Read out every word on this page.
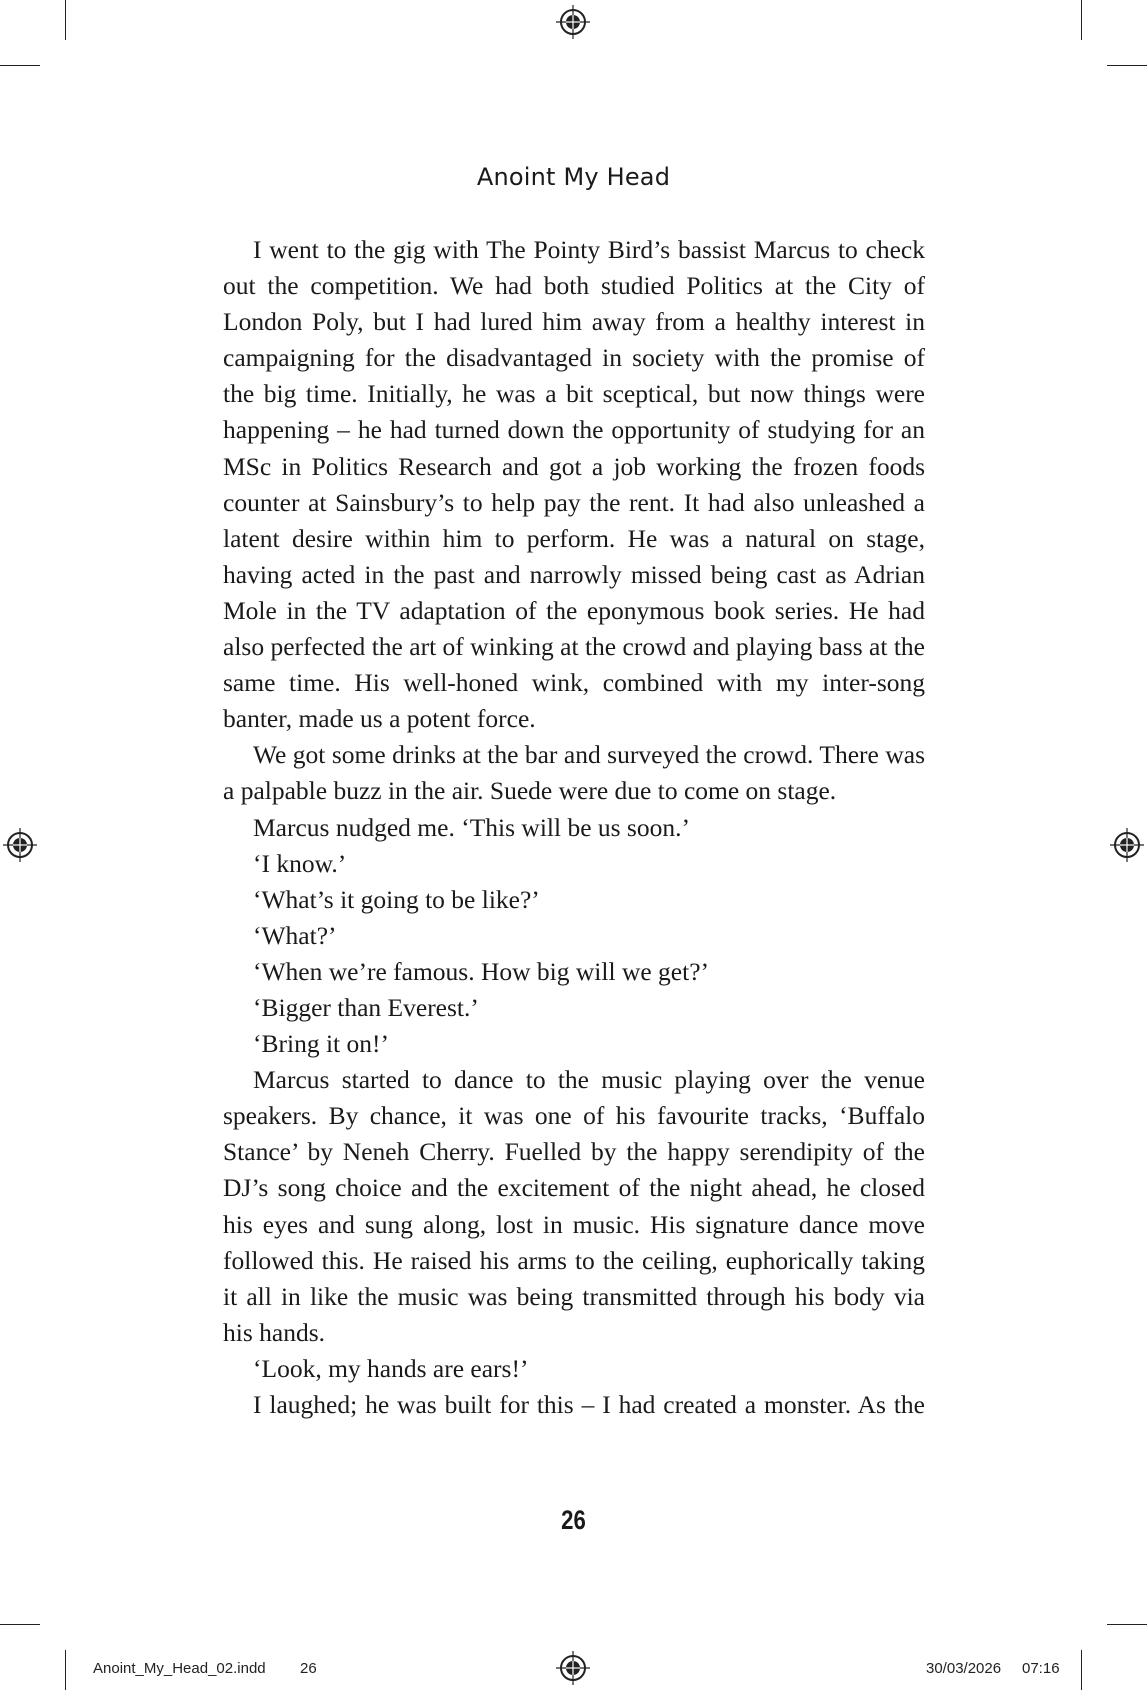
Anoint My Head

I went to the gig with The Pointy Bird’s bassist Marcus to check out the competition. We had both studied Politics at the City of London Poly, but I had lured him away from a healthy interest in campaigning for the disadvantaged in society with the promise of the big time. Initially, he was a bit sceptical, but now things were happening – he had turned down the opportunity of studying for an MSc in Politics Research and got a job working the frozen foods counter at Sainsbury’s to help pay the rent. It had also unleashed a latent desire within him to perform. He was a natural on stage, having acted in the past and narrowly missed being cast as Adrian Mole in the TV adaptation of the eponymous book series. He had also perfected the art of winking at the crowd and playing bass at the same time. His well-honed wink, combined with my inter-song banter, made us a potent force.

We got some drinks at the bar and surveyed the crowd. There was a palpable buzz in the air. Suede were due to come on stage.

Marcus nudged me. ‘This will be us soon.’

‘I know.’

‘What’s it going to be like?’

‘What?’

‘When we’re famous. How big will we get?’

‘Bigger than Everest.’

‘Bring it on!’

Marcus started to dance to the music playing over the venue speakers. By chance, it was one of his favourite tracks, ‘Buffalo Stance’ by Neneh Cherry. Fuelled by the happy serendipity of the DJ’s song choice and the excitement of the night ahead, he closed his eyes and sung along, lost in music. His signature dance move followed this. He raised his arms to the ceiling, euphorically taking it all in like the music was being transmitted through his body via his hands.

‘Look, my hands are ears!’

I laughed; he was built for this – I had created a monster. As the

26
Anoint_My_Head_02.indd 26	30/03/2026 07:16
